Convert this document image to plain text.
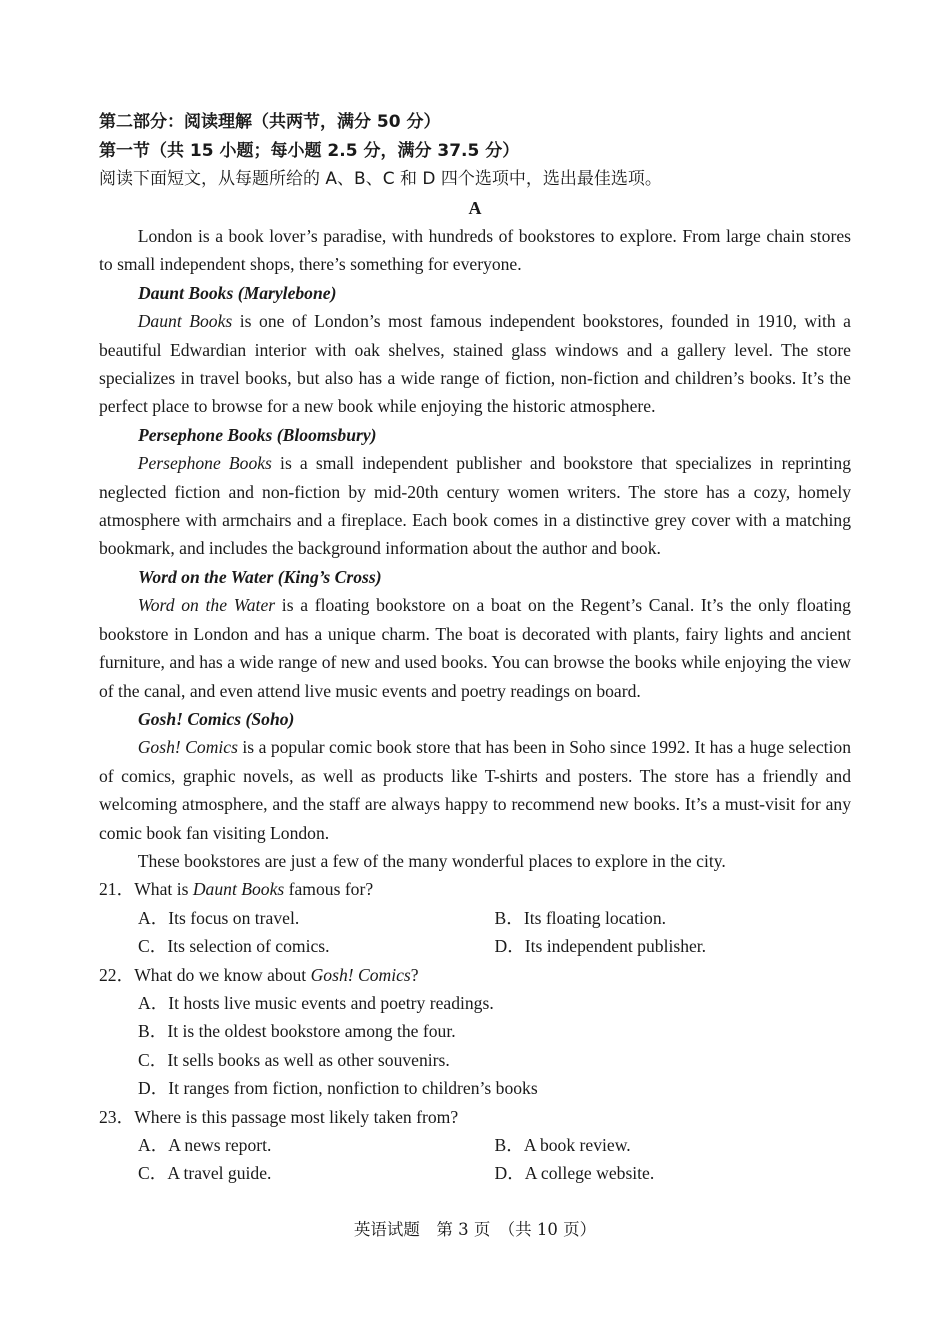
第二部分：阅读理解（共两节，满分 50 分）

第一节（共 15 小题；每小题 2.5 分，满分 37.5 分）

阅读下面短文，从每题所给的 A、B、C 和 D 四个选项中，选出最佳选项。

A

London is a book lover’s paradise, with hundreds of bookstores to explore. From large chain stores to small independent shops, there’s something for everyone.

Daunt Books (Marylebone)

Daunt Books is one of London’s most famous independent bookstores, founded in 1910, with a beautiful Edwardian interior with oak shelves, stained glass windows and a gallery level. The store specializes in travel books, but also has a wide range of fiction, non-fiction and children’s books. It’s the perfect place to browse for a new book while enjoying the historic atmosphere.

Persephone Books (Bloomsbury)

Persephone Books is a small independent publisher and bookstore that specializes in reprinting neglected fiction and non-fiction by mid-20th century women writers. The store has a cozy, homely atmosphere with armchairs and a fireplace. Each book comes in a distinctive grey cover with a matching bookmark, and includes the background information about the author and book.

Word on the Water (King’s Cross)

Word on the Water is a floating bookstore on a boat on the Regent’s Canal. It’s the only floating bookstore in London and has a unique charm. The boat is decorated with plants, fairy lights and ancient furniture, and has a wide range of new and used books. You can browse the books while enjoying the view of the canal, and even attend live music events and poetry readings on board.

Gosh! Comics (Soho)

Gosh! Comics is a popular comic book store that has been in Soho since 1992. It has a huge selection of comics, graphic novels, as well as products like T-shirts and posters. The store has a friendly and welcoming atmosphere, and the staff are always happy to recommend new books. It’s a must-visit for any comic book fan visiting London.

These bookstores are just a few of the many wonderful places to explore in the city.

21．What is Daunt Books famous for?

A．Its focus on travel.	B．Its floating location.
C．Its selection of comics.	D．Its independent publisher.

22．What do we know about Gosh! Comics?

A．It hosts live music events and poetry readings.
B．It is the oldest bookstore among the four.
C．It sells books as well as other souvenirs.
D．It ranges from fiction, nonfiction to children’s books

23．Where is this passage most likely taken from?

A．A news report.	B．A book review.
C．A travel guide.	D．A college website.
英语试题　第 3 页　（共 10 页）
